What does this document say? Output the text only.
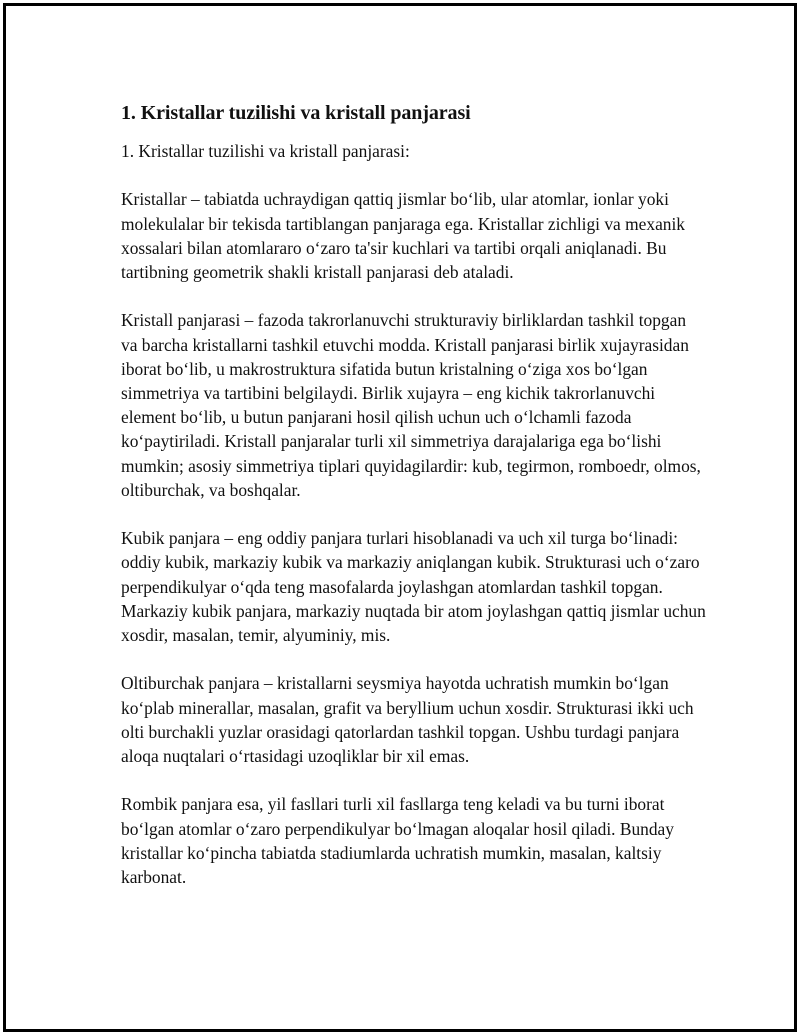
1. Kristallar tuzilishi va kristall panjarasi

1. Kristallar tuzilishi va kristall panjarasi:

Kristallar – tabiatda uchraydigan qattiq jismlar bo‘lib, ular atomlar, ionlar yoki molekulalar bir tekisda tartiblangan panjaraga ega. Kristallar zichligi va mexanik xossalari bilan atomlararo o‘zaro ta'sir kuchlari va tartibi orqali aniqlanadi. Bu tartibning geometrik shakli kristall panjarasi deb ataladi.

Kristall panjarasi – fazoda takrorlanuvchi strukturaviy birliklardan tashkil topgan va barcha kristallarni tashkil etuvchi modda. Kristall panjarasi birlik xujayrasidan iborat bo‘lib, u makrostruktura sifatida butun kristalning o‘ziga xos bo‘lgan simmetriya va tartibini belgilaydi. Birlik xujayra – eng kichik takrorlanuvchi element bo‘lib, u butun panjarani hosil qilish uchun uch o‘lchamli fazoda ko‘paytiriladi. Kristall panjaralar turli xil simmetriya darajalariga ega bo‘lishi mumkin; asosiy simmetriya tiplari quyidagilardir: kub, tegirmon, romboedr, olmos, oltiburchak, va boshqalar.

Kubik panjara – eng oddiy panjara turlari hisoblanadi va uch xil turga bo‘linadi: oddiy kubik, markaziy kubik va markaziy aniqlangan kubik. Strukturasi uch o‘zaro perpendikulyar o‘qda teng masofalarda joylashgan atomlardan tashkil topgan. Markaziy kubik panjara, markaziy nuqtada bir atom joylashgan qattiq jismlar uchun xosdir, masalan, temir, alyuminiy, mis.

Oltiburchak panjara – kristallarni seysmiya hayotda uchratish mumkin bo‘lgan ko‘plab minerallar, masalan, grafit va beryllium uchun xosdir. Strukturasi ikki uch olti burchakli yuzlar orasidagi qatorlardan tashkil topgan. Ushbu turdagi panjara aloqa nuqtalari o‘rtasidagi uzoqliklar bir xil emas.

Rombik panjara esa, yil fasllari turli xil fasllarga teng keladi va bu turni iborat bo‘lgan atomlar o‘zaro perpendikulyar bo‘lmagan aloqalar hosil qiladi. Bunday kristallar ko‘pincha tabiatda stadiumlarda uchratish mumkin, masalan, kaltsiy karbonat.
